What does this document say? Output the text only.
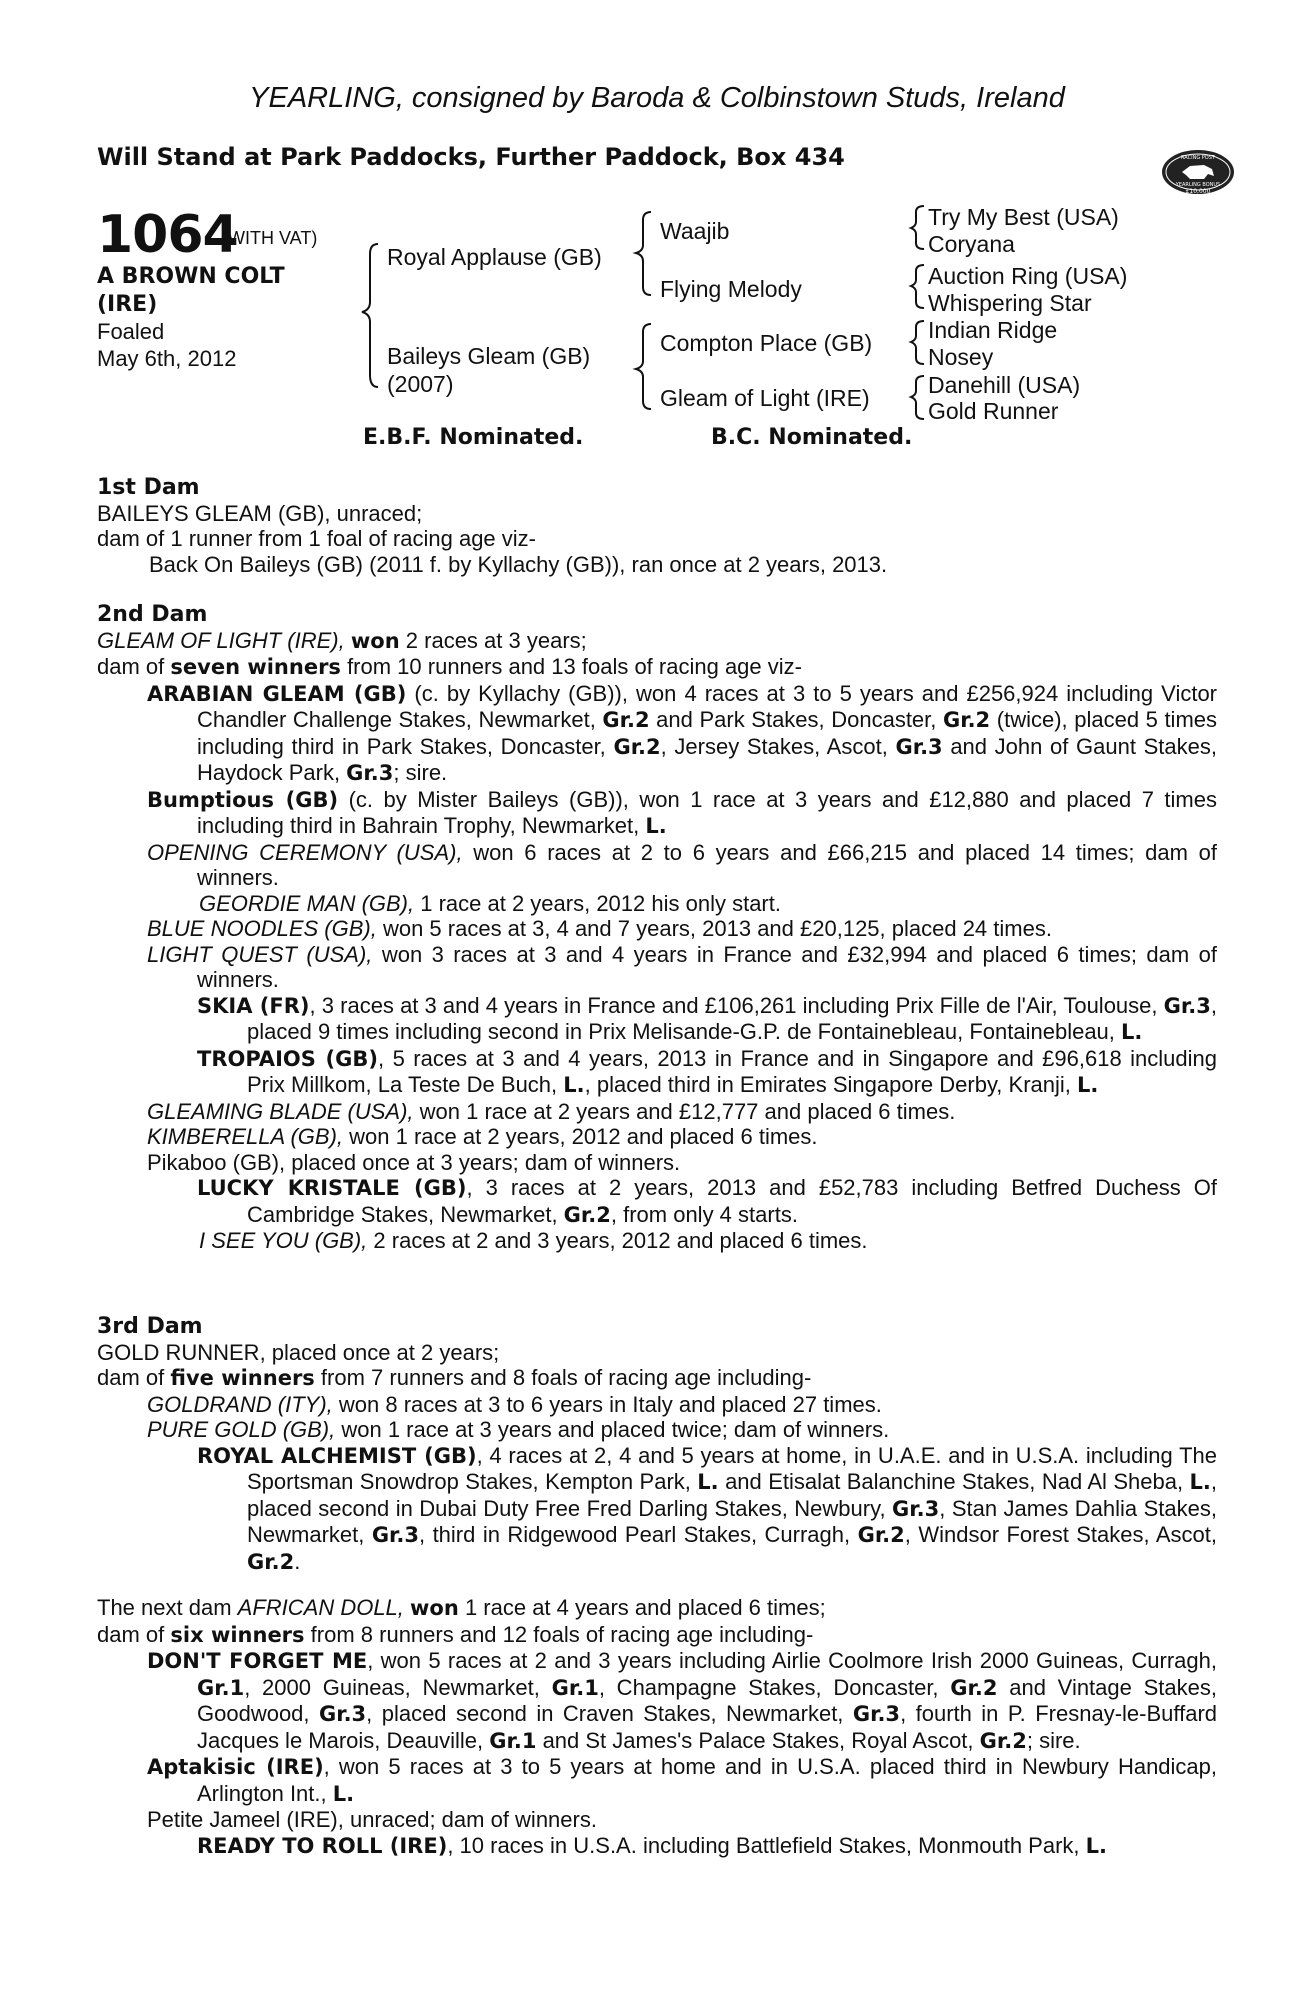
YEARLING, consigned by Baroda & Colbinstown Studs, Ireland
Will Stand at Park Paddocks, Further Paddock, Box 434	RACING POST
YEARLING BONUS
£10,000
1064
(WITH VAT)
A BROWN COLT
(IRE)
Foaled
May 6th, 2012
Royal Applause (GB)
Baileys Gleam (GB)
(2007)
Waajib
Flying Melody
Compton Place (GB)
Gleam of Light (IRE)
Try My Best (USA)
Coryana
Auction Ring (USA)
Whispering Star
Indian Ridge
Nosey
Danehill (USA)
Gold Runner
E.B.F. Nominated.	B.C. Nominated.

1st Dam

BAILEYS GLEAM (GB), unraced;

dam of 1 runner from 1 foal of racing age viz-

Back On Baileys (GB) (2011 f. by Kyllachy (GB)), ran once at 2 years, 2013.

2nd Dam

GLEAM OF LIGHT (IRE), won 2 races at 3 years;

dam of seven winners from 10 runners and 13 foals of racing age viz-

ARABIAN GLEAM (GB) (c. by Kyllachy (GB)), won 4 races at 3 to 5 years and £256,924 including Victor Chandler Challenge Stakes, Newmarket, Gr.2 and Park Stakes, Doncaster, Gr.2 (twice), placed 5 times including third in Park Stakes, Doncaster, Gr.2, Jersey Stakes, Ascot, Gr.3 and John of Gaunt Stakes, Haydock Park, Gr.3; sire.

Bumptious (GB) (c. by Mister Baileys (GB)), won 1 race at 3 years and £12,880 and placed 7 times including third in Bahrain Trophy, Newmarket, L.

OPENING CEREMONY (USA), won 6 races at 2 to 6 years and £66,215 and placed 14 times; dam of winners.

GEORDIE MAN (GB), 1 race at 2 years, 2012 his only start.

BLUE NOODLES (GB), won 5 races at 3, 4 and 7 years, 2013 and £20,125, placed 24 times.

LIGHT QUEST (USA), won 3 races at 3 and 4 years in France and £32,994 and placed 6 times; dam of winners.

SKIA (FR), 3 races at 3 and 4 years in France and £106,261 including Prix Fille de l'Air, Toulouse, Gr.3, placed 9 times including second in Prix Melisande-G.P. de Fontainebleau, Fontainebleau, L.

TROPAIOS (GB), 5 races at 3 and 4 years, 2013 in France and in Singapore and £96,618 including Prix Millkom, La Teste De Buch, L., placed third in Emirates Singapore Derby, Kranji, L.

GLEAMING BLADE (USA), won 1 race at 2 years and £12,777 and placed 6 times.

KIMBERELLA (GB), won 1 race at 2 years, 2012 and placed 6 times.

Pikaboo (GB), placed once at 3 years; dam of winners.

LUCKY KRISTALE (GB), 3 races at 2 years, 2013 and £52,783 including Betfred Duchess Of Cambridge Stakes, Newmarket, Gr.2, from only 4 starts.

I SEE YOU (GB), 2 races at 2 and 3 years, 2012 and placed 6 times.

3rd Dam

GOLD RUNNER, placed once at 2 years;

dam of five winners from 7 runners and 8 foals of racing age including-

GOLDRAND (ITY), won 8 races at 3 to 6 years in Italy and placed 27 times.

PURE GOLD (GB), won 1 race at 3 years and placed twice; dam of winners.

ROYAL ALCHEMIST (GB), 4 races at 2, 4 and 5 years at home, in U.A.E. and in U.S.A. including The Sportsman Snowdrop Stakes, Kempton Park, L. and Etisalat Balanchine Stakes, Nad Al Sheba, L., placed second in Dubai Duty Free Fred Darling Stakes, Newbury, Gr.3, Stan James Dahlia Stakes, Newmarket, Gr.3, third in Ridgewood Pearl Stakes, Curragh, Gr.2, Windsor Forest Stakes, Ascot, Gr.2.

The next dam AFRICAN DOLL, won 1 race at 4 years and placed 6 times;

dam of six winners from 8 runners and 12 foals of racing age including-

DON'T FORGET ME, won 5 races at 2 and 3 years including Airlie Coolmore Irish 2000 Guineas, Curragh, Gr.1, 2000 Guineas, Newmarket, Gr.1, Champagne Stakes, Doncaster, Gr.2 and Vintage Stakes, Goodwood, Gr.3, placed second in Craven Stakes, Newmarket, Gr.3, fourth in P. Fresnay-le-Buffard Jacques le Marois, Deauville, Gr.1 and St James's Palace Stakes, Royal Ascot, Gr.2; sire.

Aptakisic (IRE), won 5 races at 3 to 5 years at home and in U.S.A. placed third in Newbury Handicap, Arlington Int., L.

Petite Jameel (IRE), unraced; dam of winners.

READY TO ROLL (IRE), 10 races in U.S.A. including Battlefield Stakes, Monmouth Park, L.
